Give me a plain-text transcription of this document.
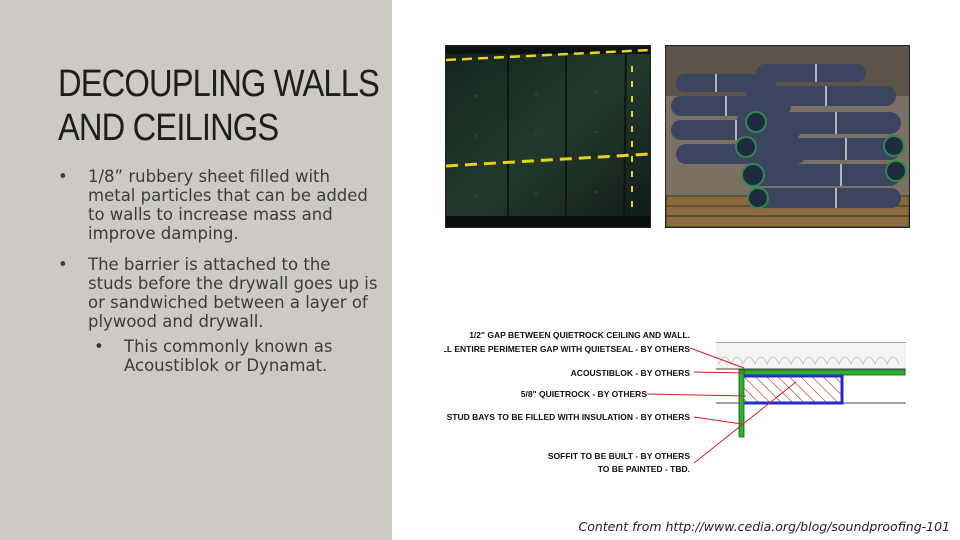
DECOUPLING WALLS
AND CEILINGS
• 1/8” rubbery sheet filled with metal particles that can be added to walls to increase mass and improve damping.
• The barrier is attached to the studs before the drywall goes up is or sandwiched between a layer of plywood and drywall.
• This commonly known as Acoustiblok or Dynamat.
1/2" GAP BETWEEN QUIETROCK CEILING AND WALL.
FILL ENTIRE PERIMETER GAP WITH QUIETSEAL - BY OTHERS
ACOUSTIBLOK - BY OTHERS
5/8" QUIETROCK - BY OTHERS
ALL STUD BAYS TO BE FILLED WITH INSULATION - BY OTHERS
SOFFIT TO BE BUILT - BY OTHERS
TO BE PAINTED - TBD.
Content from http://www.cedia.org/blog/soundproofing-101
